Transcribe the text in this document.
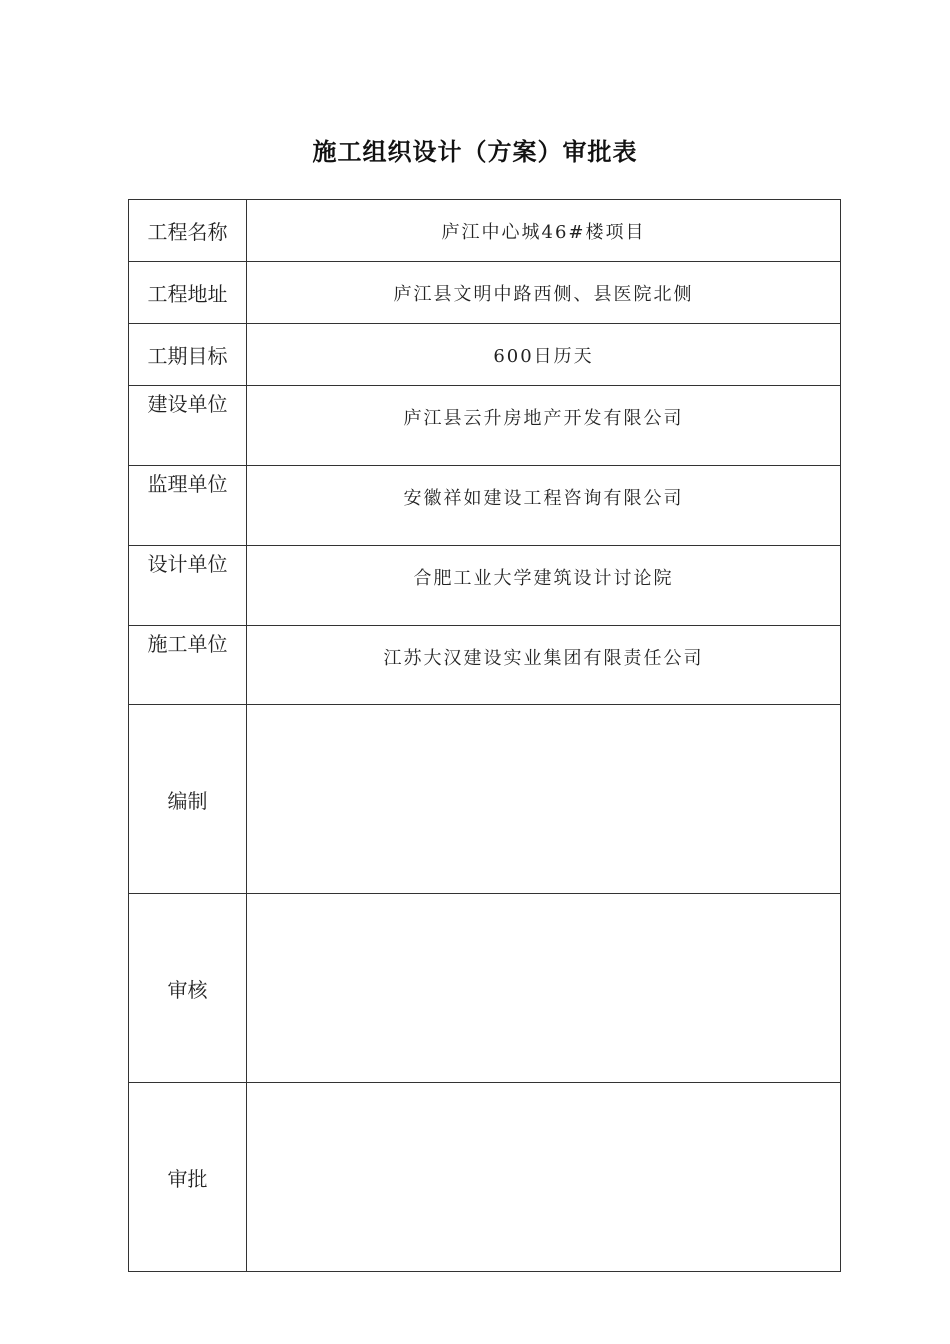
施工组织设计（方案）审批表
工程名称	庐江中心城46#楼项目
工程地址	庐江县文明中路西侧、县医院北侧
工期目标	600日历天
建设单位	庐江县云升房地产开发有限公司
监理单位	安徽祥如建设工程咨询有限公司
设计单位	合肥工业大学建筑设计讨论院
施工单位	江苏大汉建设实业集团有限责任公司
编制	
审核	
审批	
